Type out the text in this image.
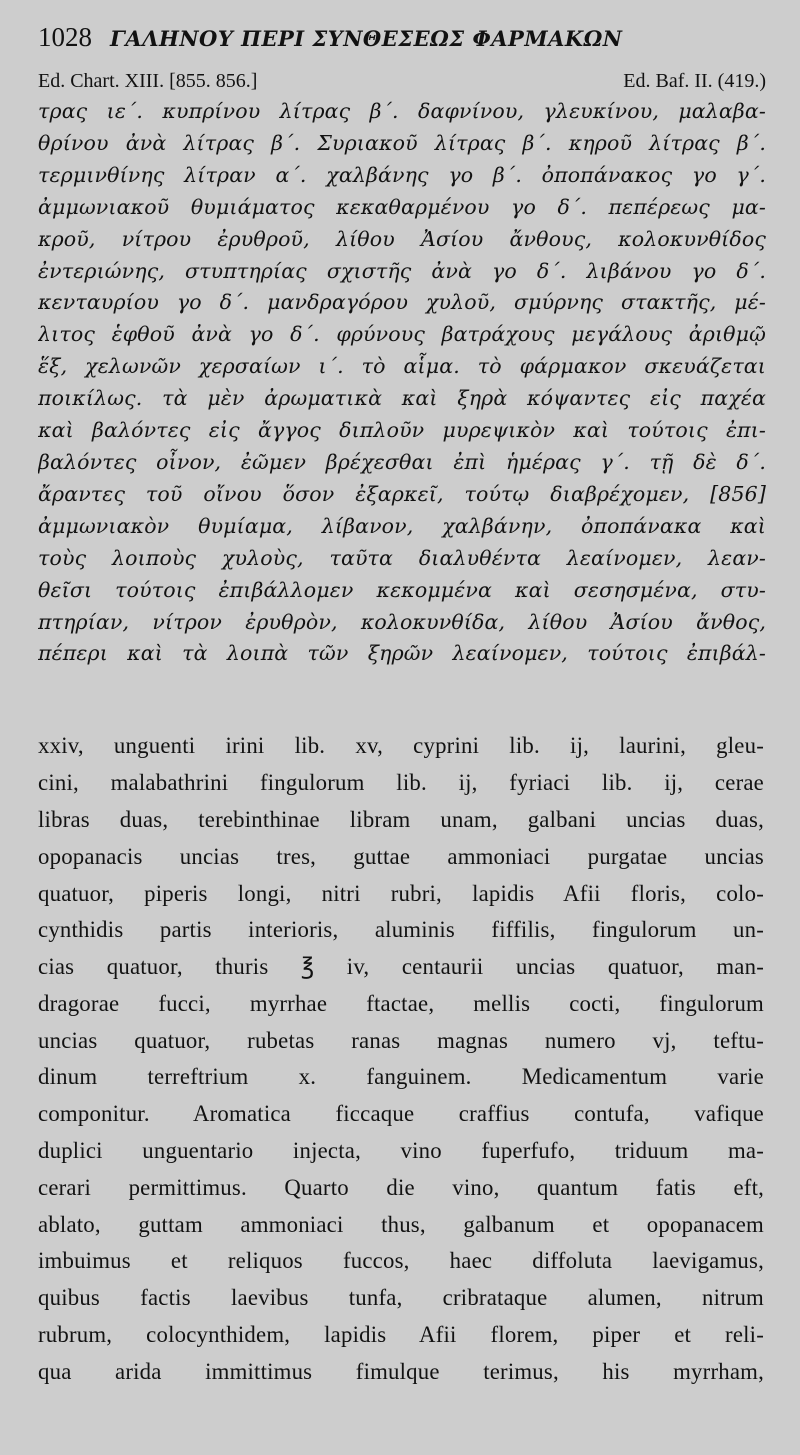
1028 ΓΑΛΗΝΟΥ ΠΕΡΙ ΣΥΝΘΕΣΕΩΣ ΦΑΡΜΑΚΩΝ
Ed. Chart. XIII. [855. 856.]	Ed. Baf. II. (419.)
τρας ιε΄. κυπρίνου λίτρας β΄. δαφνίνου, γλευκίνου, μαλαβα-
θρίνου ἀνὰ λίτρας β΄. Συριακοῦ λίτρας β΄. κηροῦ λίτρας β΄.
τερμινθίνης λίτραν α΄. χαλβάνης γο β΄. ὀποπάνακος γο γ΄.
ἀμμωνιακοῦ θυμιάματος κεκαθαρμένου γο δ΄. πεπέρεως μα-
κροῦ, νίτρου ἐρυθροῦ, λίθου Ἀσίου ἄνθους, κολοκυνθίδος
ἐντεριώνης, στυπτηρίας σχιστῆς ἀνὰ γο δ΄. λιβάνου γο δ΄.
κενταυρίου γο δ΄. μανδραγόρου χυλοῦ, σμύρνης στακτῆς, μέ-
λιτος ἑφθοῦ ἀνὰ γο δ΄. φρύνους βατράχους μεγάλους ἀριθμῷ
ἕξ, χελωνῶν χερσαίων ι΄. τὸ αἷμα. τὸ φάρμακον σκευάζεται
ποικίλως. τὰ μὲν ἀρωματικὰ καὶ ξηρὰ κόψαντες εἰς παχέα
καὶ βαλόντες εἰς ἄγγος διπλοῦν μυρεψικὸν καὶ τούτοις ἐπι-
βαλόντες οἶνον, ἐῶμεν βρέχεσθαι ἐπὶ ἡμέρας γ΄. τῇ δὲ δ΄.
ἄραντες τοῦ οἴνου ὅσον ἐξαρκεῖ, τούτῳ διαβρέχομεν, [856]
ἀμμωνιακὸν θυμίαμα, λίβανον, χαλβάνην, ὀποπάνακα καὶ
τοὺς λοιποὺς χυλοὺς, ταῦτα διαλυθέντα λεαίνομεν, λεαν-
θεῖσι τούτοις ἐπιβάλλομεν κεκομμένα καὶ σεσησμένα, στυ-
πτηρίαν, νίτρον ἐρυθρὸν, κολοκυνθίδα, λίθου Ἀσίου ἄνθος,
πέπερι καὶ τὰ λοιπὰ τῶν ξηρῶν λεαίνομεν, τούτοις ἐπιβάλ-
xxiv, unguenti irini lib. xv, cyprini lib. ij, laurini, gleu-
cini, malabathrini fingulorum lib. ij, fyriaci lib. ij, cerae
libras duas, terebinthinae libram unam, galbani uncias duas,
opopanacis uncias tres, guttae ammoniaci purgatae uncias
quatuor, piperis longi, nitri rubri, lapidis Afii floris, colo-
cynthidis partis interioris, aluminis fiffilis, fingulorum un-
cias quatuor, thuris ℥ iv, centaurii uncias quatuor, man-
dragorae fucci, myrrhae ftactae, mellis cocti, fingulorum
uncias quatuor, rubetas ranas magnas numero vj, teftu-
dinum terreftrium x. fanguinem. Medicamentum varie
componitur. Aromatica ficcaque craffius contufa, vafique
duplici unguentario injecta, vino fuperfufo, triduum ma-
cerari permittimus. Quarto die vino, quantum fatis eft,
ablato, guttam ammoniaci thus, galbanum et opopanacem
imbuimus et reliquos fuccos, haec diffoluta laevigamus,
quibus factis laevibus tunfa, cribrataque alumen, nitrum
rubrum, colocynthidem, lapidis Afii florem, piper et reli-
qua arida immittimus fimulque terimus, his myrrham,
